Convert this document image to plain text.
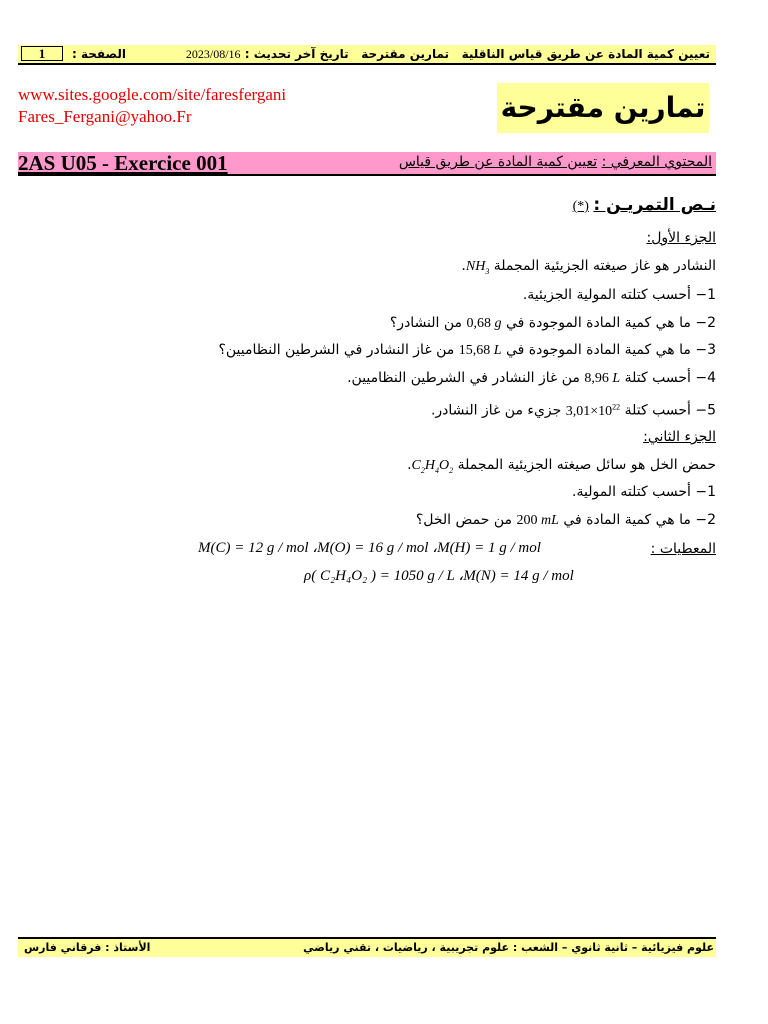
تعيين كمية المادة عن طريق قياس الناقلية   تمارين مقترحة   تاريخ آخر تحديث : 2023/08/16
الصفحة :
1
www.sites.google.com/site/faresfergani
Fares_Fergani@yahoo.Fr	تمارين مقترحة
2AS U05 - Exercice 001	المحتوي المعرفي : تعيين كمية المادة عن طريق قياس
نـص التمريـن : (*)
الجزء الأول:
النشادر هو غاز صيغته الجزيئية المجملة $NH_3$.
1− أحسب كتلته المولية الجزيئية.
2− ما هي كمية المادة الموجودة في 0,68 g من النشادر؟
3− ما هي كمية المادة الموجودة في 15,68 L من غاز النشادر في الشرطين النظاميين؟
4− أحسب كتلة 8,96 L من غاز النشادر في الشرطين النظاميين.
5− أحسب كتلة $3,01\times 10^{22}$ جزيء من غاز النشادر.
الجزء الثاني:
حمض الخل هو سائل صيغته الجزيئية المجملة $C_2H_4O_2$.
1− أحسب كتلته المولية.
2− ما هي كمية المادة في 200 mL من حمض الخل؟
المعطيات :
M(C) = 12 g / mol ،M(O) = 16 g / mol ،M(H) = 1 g / mol
ρ( C₂H₄O₂ ) = 1050 g / L ،M(N) = 14 g / mol
علوم فيزيائية – ثانية ثانوي – الشعب : علوم تجريبية ، رياضيات ، تقني رياضي
الأستاذ : فرقاني فارس
